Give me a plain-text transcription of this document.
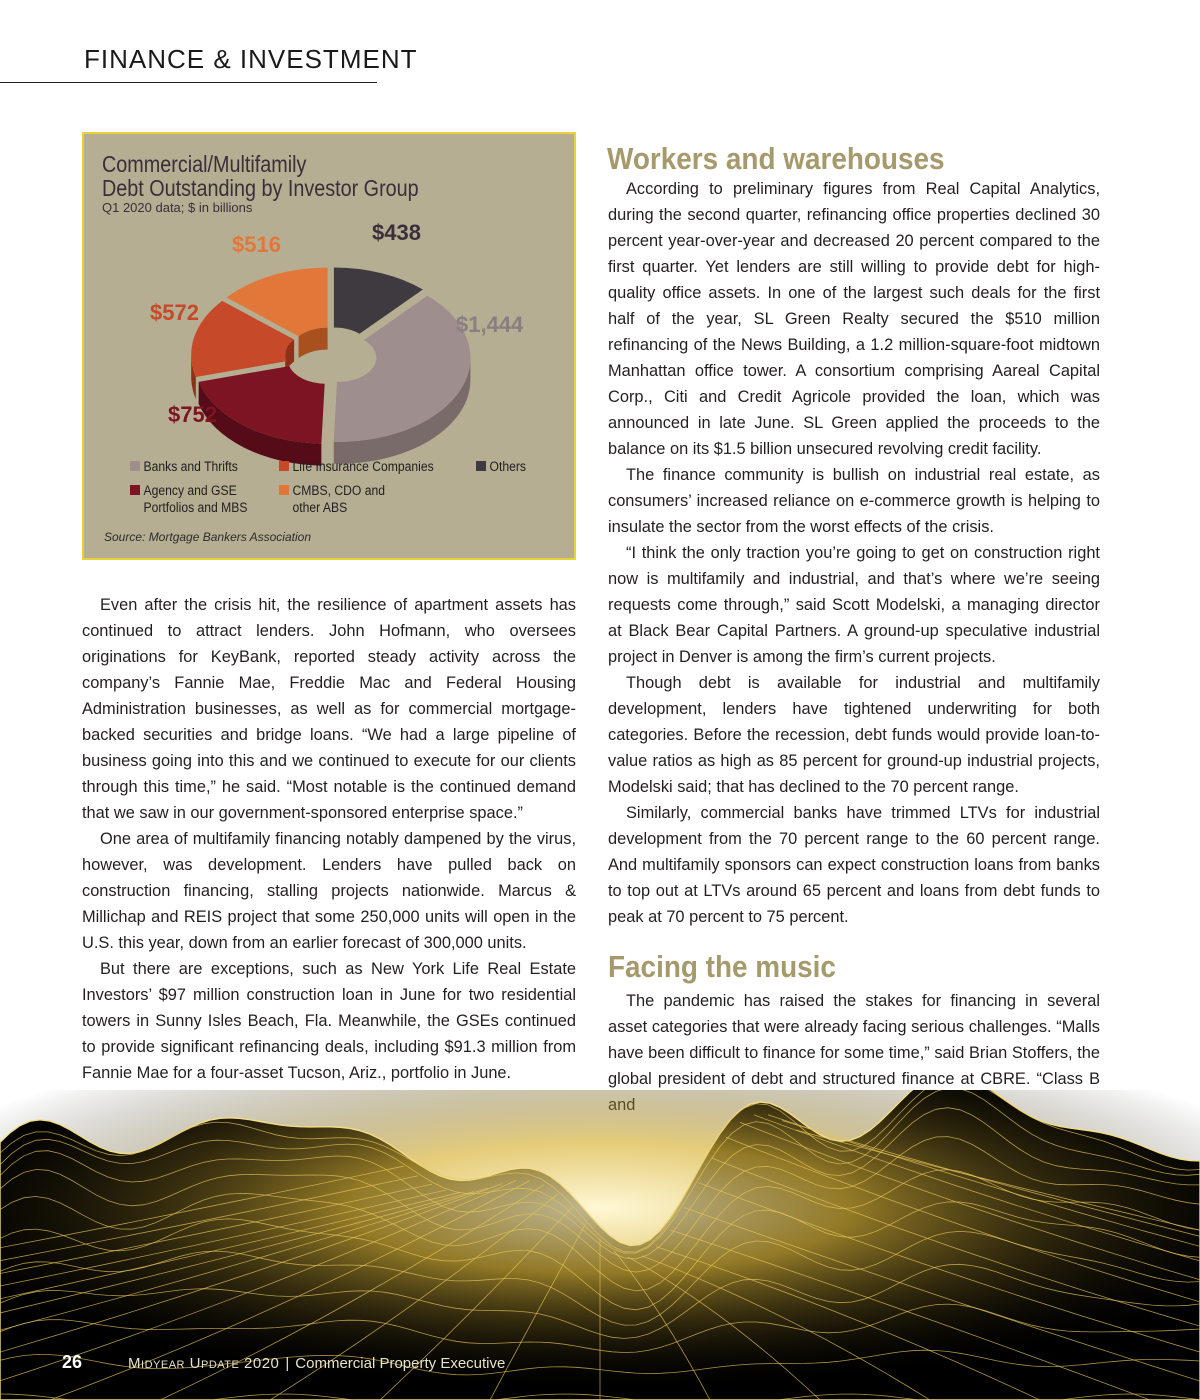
FINANCE & INVESTMENT
$438
$1,444
$752
$572
$516
Commercial/Multifamily
Debt Outstanding by Investor Group
Q1 2020 data; $ in billions
Banks and Thrifts	Life Insurance Companies	Others
Agency and GSE
Portfolios and MBS
CMBS, CDO and
other ABS
Source: Mortgage Bankers Association

Even after the crisis hit, the resilience of apartment assets has continued to attract lenders. John Hofmann, who oversees originations for KeyBank, reported steady activity across the company’s Fannie Mae, Freddie Mac and Federal Housing Administration businesses, as well as for commercial mortgage-backed securities and bridge loans. “We had a large pipeline of business going into this and we continued to execute for our clients through this time,” he said. “Most notable is the continued demand that we saw in our government-sponsored enterprise space.”

One area of multifamily financing notably dampened by the virus, however, was development. Lenders have pulled back on construction financing, stalling projects nationwide. Marcus & Millichap and REIS project that some 250,000 units will open in the U.S. this year, down from an earlier forecast of 300,000 units.

But there are exceptions, such as New York Life Real Estate Investors’ $97 million construction loan in June for two residential towers in Sunny Isles Beach, Fla. Meanwhile, the GSEs continued to provide significant refinancing deals, including $91.3 million from Fannie Mae for a four-asset Tucson, Ariz., portfolio in June.

Workers and warehouses

According to preliminary figures from Real Capital Analytics, during the second quarter, refinancing office properties declined 30 percent year-over-year and decreased 20 percent compared to the first quarter. Yet lenders are still willing to provide debt for high-quality office assets. In one of the largest such deals for the first half of the year, SL Green Realty secured the $510 million refinancing of the News Building, a 1.2 million-square-foot midtown Manhattan office tower. A consortium comprising Aareal Capital Corp., Citi and Credit Agricole provided the loan, which was announced in late June. SL Green applied the proceeds to the balance on its $1.5 billion unsecured revolving credit facility.

The finance community is bullish on industrial real estate, as consumers’ increased reliance on e-commerce growth is helping to insulate the sector from the worst effects of the crisis.

“I think the only traction you’re going to get on construction right now is multifamily and industrial, and that’s where we’re seeing requests come through,” said Scott Modelski, a managing director at Black Bear Capital Partners. A ground-up speculative industrial project in Denver is among the firm’s current projects.

Though debt is available for industrial and multifamily development, lenders have tightened underwriting for both categories. Before the recession, debt funds would provide loan-to-value ratios as high as 85 percent for ground-up industrial projects, Modelski said; that has declined to the 70 percent range.

Similarly, commercial banks have trimmed LTVs for industrial development from the 70 percent range to the 60 percent range. And multifamily sponsors can expect construction loans from banks to top out at LTVs around 65 percent and loans from debt funds to peak at 70 percent to 75 percent.

Facing the music

The pandemic has raised the stakes for financing in several asset categories that were already facing serious challenges. “Malls have been difficult to finance for some time,” said Brian Stoffers, the global president of debt and structured finance at CBRE. “Class B

26	Midyear Update 2020 | Commercial Property Executive
